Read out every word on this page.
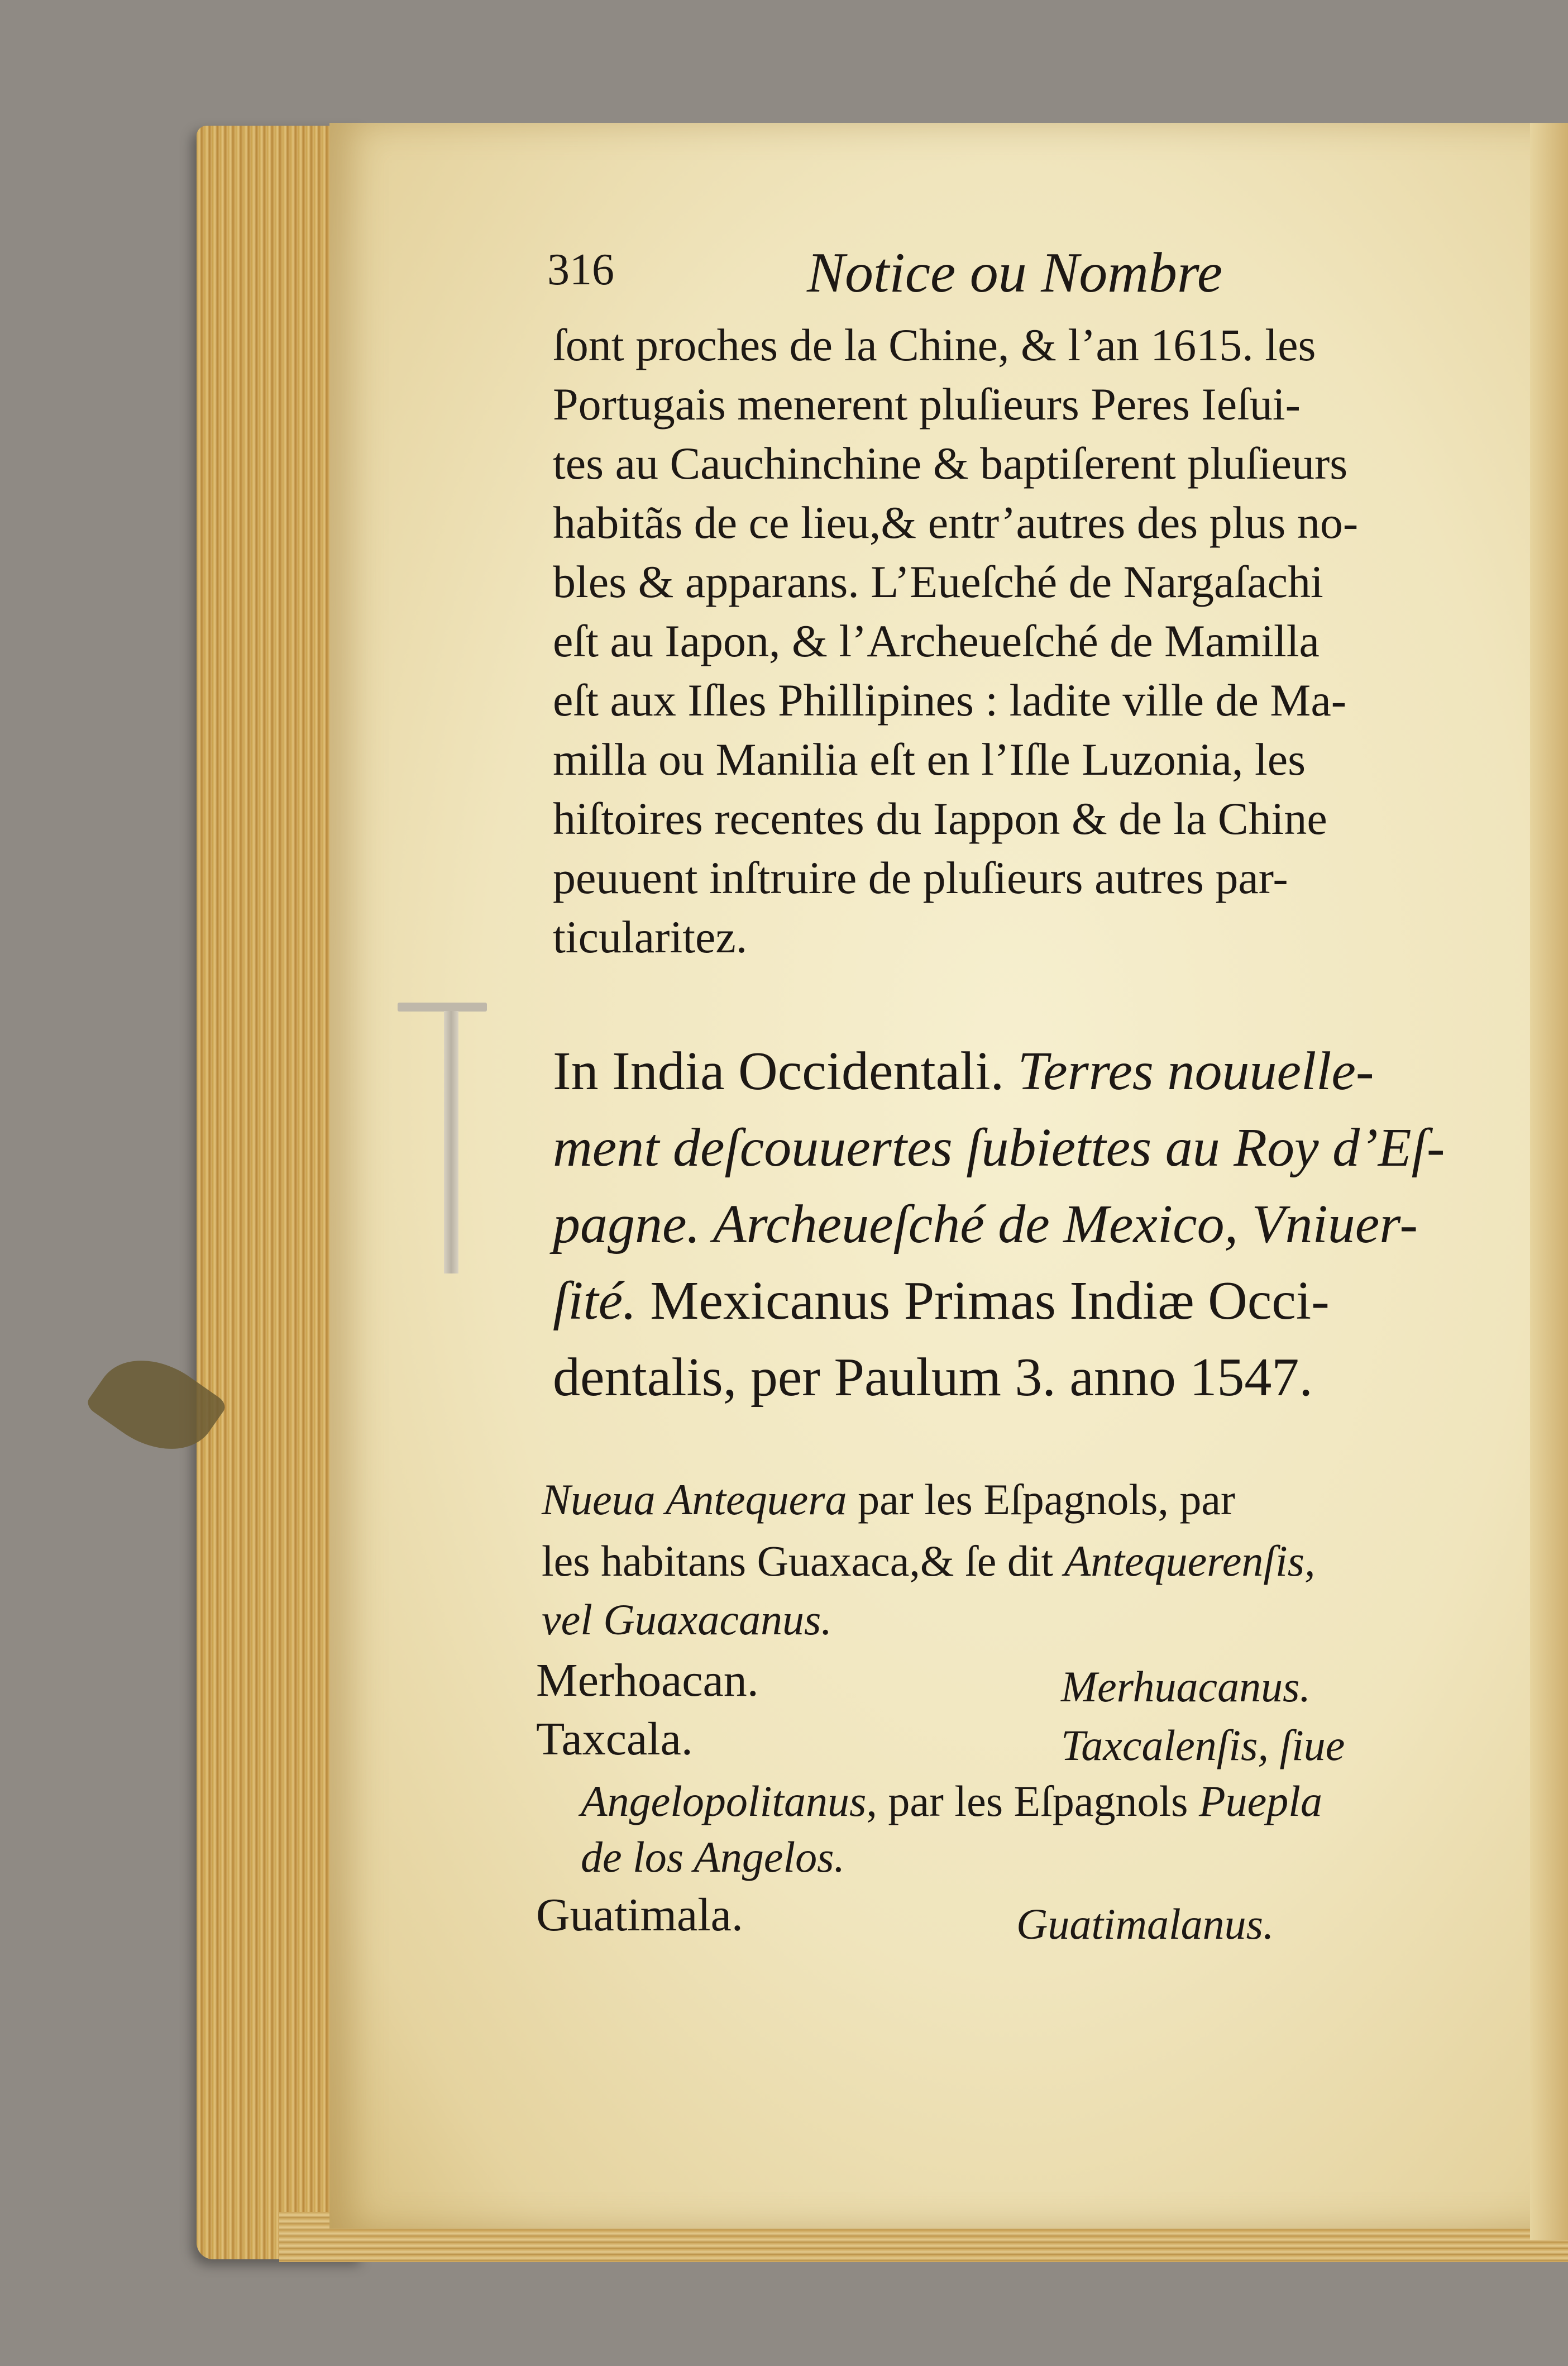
316	Notice ou Nombre
ſont proches de la Chine, & l’an 1615. les
Portugais menerent pluſieurs Peres Ieſui-
tes au Cauchinchine & baptiſerent pluſieurs
habitãs de ce lieu,& entr’autres des plus no-
bles & apparans. L’Eueſché de Nargaſachi
eſt au Iapon, & l’Archeueſché de Mamilla
eſt aux Iſles Phillipines : ladite ville de Ma-
milla ou Manilia eſt en l’Iſle Luzonia, les
hiſtoires recentes du Iappon & de la Chine
peuuent inſtruire de pluſieurs autres par-
ticularitez.
In India Occidentali. Terres nouuelle-
ment deſcouuertes ſubiettes au Roy d’Eſ-
pagne. Archeueſché de Mexico, Vniuer-
ſité. Mexicanus Primas Indiæ Occi-
dentalis, per Paulum 3. anno 1547.
Nueua Antequera par les Eſpagnols, par
les habitans Guaxaca,& ſe dit Antequerenſis,
vel Guaxacanus.
Merhoacan.	Merhuacanus.
Taxcala.	Taxcalenſis, ſiue
Angelopolitanus, par les Eſpagnols Puepla
de los Angelos.
Guatimala.	Guatimalanus.
